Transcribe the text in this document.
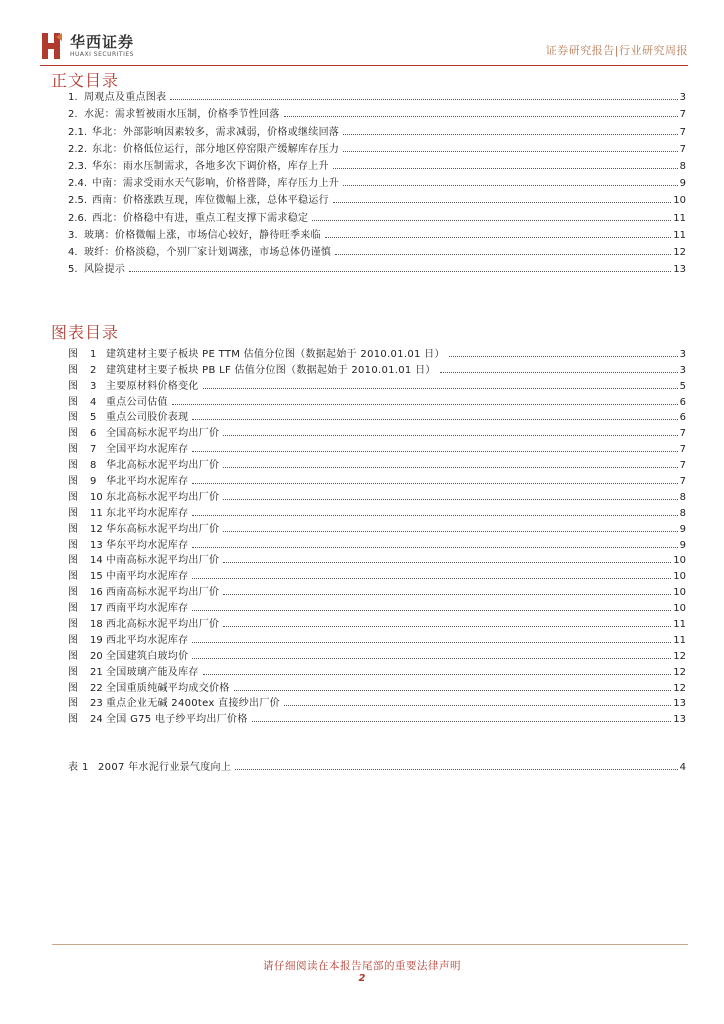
华西证券
HUAXI SECURITIES	证券研究报告|行业研究周报
正文目录
1. 周观点及重点图表	3
2. 水泥：需求暂被雨水压制，价格季节性回落	7
2.1. 华北：外部影响因素较多，需求减弱，价格或继续回落	7
2.2. 东北：价格低位运行，部分地区停窑限产缓解库存压力	7
2.3. 华东：雨水压制需求，各地多次下调价格，库存上升	8
2.4. 中南：需求受雨水天气影响，价格普降，库存压力上升	9
2.5. 西南：价格涨跌互现，库位微幅上涨，总体平稳运行	10
2.6. 西北：价格稳中有进，重点工程支撑下需求稳定	11
3. 玻璃：价格微幅上涨，市场信心较好，静待旺季来临	11
4. 玻纤：价格淡稳，个别厂家计划调涨，市场总体仍谨慎	12
5. 风险提示	13
图表目录
图 1 建筑建材主要子板块 PE TTM 估值分位图（数据起始于 2010.01.01 日）	3
图 2 建筑建材主要子板块 PB LF 估值分位图（数据起始于 2010.01.01 日）	3
图 3 主要原材料价格变化	5
图 4 重点公司估值	6
图 5 重点公司股价表现	6
图 6 全国高标水泥平均出厂价	7
图 7 全国平均水泥库存	7
图 8 华北高标水泥平均出厂价	7
图 9 华北平均水泥库存	7
图 10 东北高标水泥平均出厂价	8
图 11 东北平均水泥库存	8
图 12 华东高标水泥平均出厂价	9
图 13 华东平均水泥库存	9
图 14 中南高标水泥平均出厂价	10
图 15 中南平均水泥库存	10
图 16 西南高标水泥平均出厂价	10
图 17 西南平均水泥库存	10
图 18 西北高标水泥平均出厂价	11
图 19 西北平均水泥库存	11
图 20 全国建筑白玻均价	12
图 21 全国玻璃产能及库存	12
图 22 全国重质纯碱平均成交价格	12
图 23 重点企业无碱 2400tex 直接纱出厂价	13
图 24 全国 G75 电子纱平均出厂价格	13
表 1 2007 年水泥行业景气度向上	4
请仔细阅读在本报告尾部的重要法律声明
2
